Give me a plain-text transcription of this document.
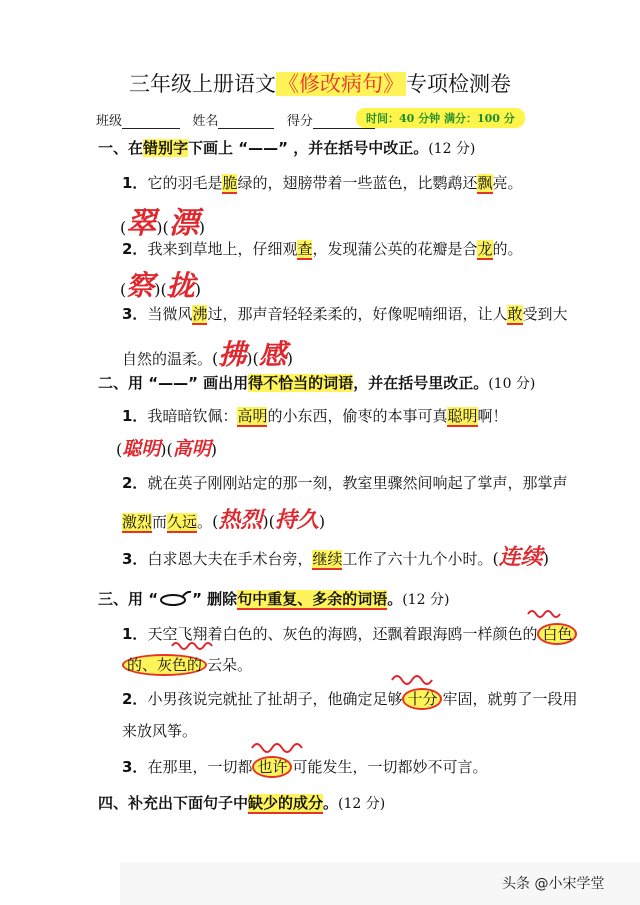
三年级上册语文《修改病句》专项检测卷
班级	姓名	得分	时间：40 分钟 满分：100 分
一、在错别字下画上 “——” ，并在括号中改正。(12 分)
1．它的羽毛是脆绿的，翅膀带着一些蓝色，比鹦鹉还飘亮。
(翠)(漂)
2．我来到草地上，仔细观查，发现蒲公英的花瓣是合龙的。
(察)(拢)
3．当微风沸过，那声音轻轻柔柔的，好像呢喃细语，让人敢受到大
自然的温柔。(拂)(感)
二、用 “——” 画出用得不恰当的词语，并在括号里改正。(10 分)
1．我暗暗钦佩：高明的小东西，偷枣的本事可真聪明啊！
(聪明)(高明)
2．就在英子刚刚站定的那一刻，教室里骤然间响起了掌声，那掌声
激烈而久远。(热烈)(持久)
3．白求恩大夫在手术台旁，继续工作了六十九个小时。(连续)
三、用 “ ” 删除句中重复、多余的词语。(12 分)
1．天空飞翔着白色的、灰色的海鸥，还飘着跟海鸥一样颜色的 白色
的、灰色的 云朵。
2．小男孩说完就扯了扯胡子，他确定足够 十分 牢固，就剪了一段用
来放风筝。
3．在那里，一切都 也许 可能发生，一切都妙不可言。
四、补充出下面句子中缺少的成分。(12 分)
头条 @小宋学堂
